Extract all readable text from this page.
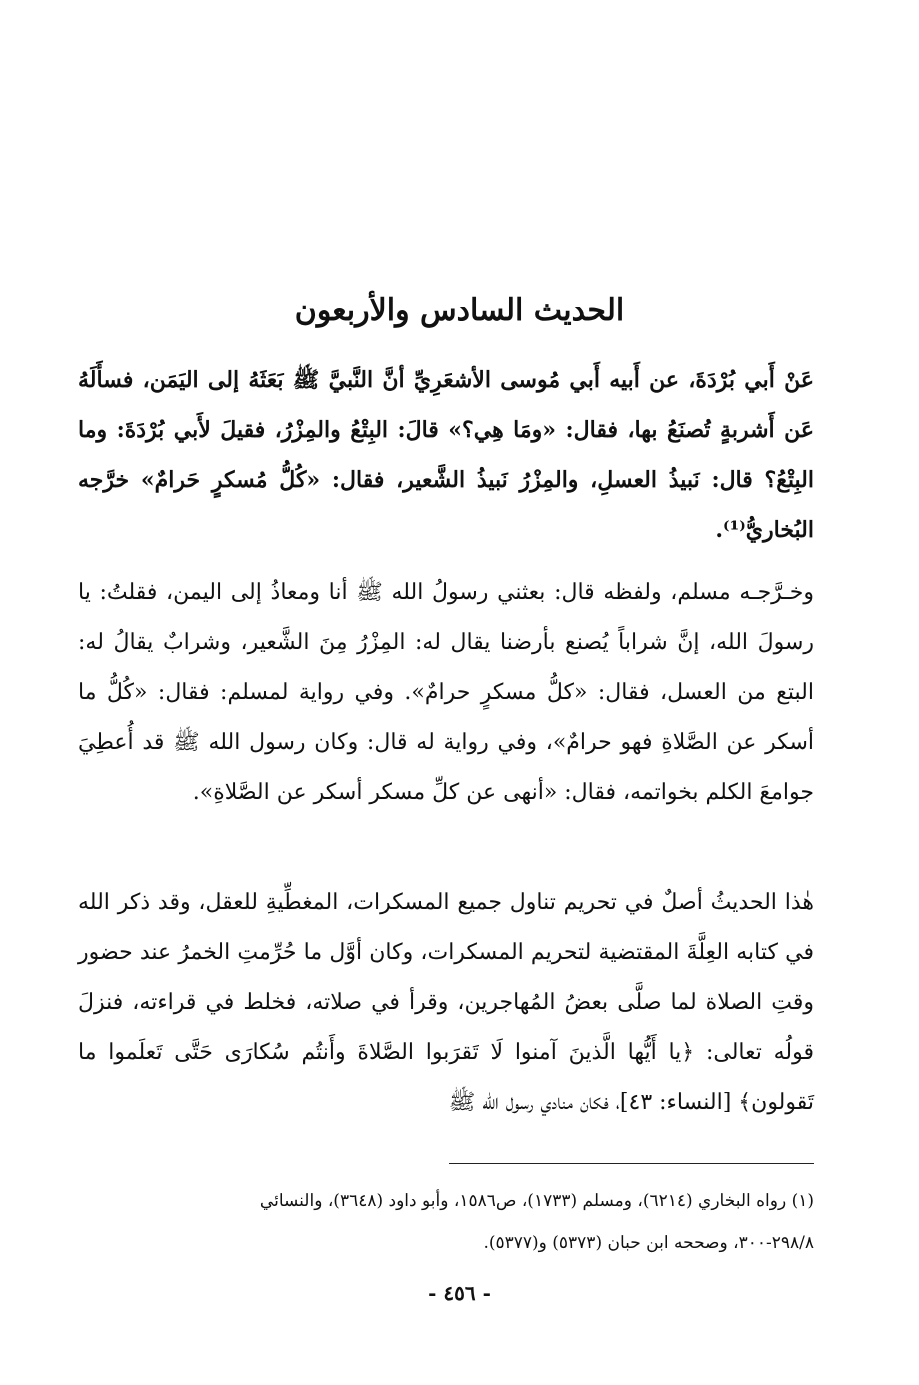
الحديث السادس والأربعون

عَنْ أَبي بُرْدَةَ، عن أَبيه أَبي مُوسى الأشعَرِيِّ أنَّ النَّبيَّ ﷺ بَعَثَهُ إلى اليَمَن، فسأَلَهُ عَن أَشربةٍ تُصنَعُ بها، فقال: «ومَا هِي؟» قالَ: البِتْعُ والمِزْرُ، فقيلَ لأَبي بُرْدَةَ: وما البِتْعُ؟ قال: نَبيذُ العسلِ، والمِزْرُ نَبيذُ الشَّعير، فقال: «كُلُّ مُسكرٍ حَرامٌ» خرَّجه البُخاريُّ⁽¹⁾.

وخـرَّجـه مسلم، ولفظه قال: بعثني رسولُ الله ﷺ أنا ومعاذُ إلى اليمن، فقلتُ: يا رسولَ الله، إنَّ شراباً يُصنع بأرضنا يقال له: المِزْرُ مِنَ الشَّعير، وشرابٌ يقالُ له: البتع من العسل، فقال: «كلُّ مسكرٍ حرامٌ». وفي رواية لمسلم: فقال: «كُلُّ ما أسكر عن الصَّلاةِ فهو حرامٌ»، وفي رواية له قال: وكان رسول الله ﷺ قد أُعطِيَ جوامعَ الكلم بخواتمه، فقال: «أنهى عن كلِّ مسكر أسكر عن الصَّلاةِ».

هٰذا الحديثُ أصلٌ في تحريم تناول جميع المسكرات، المغطِّيةِ للعقل، وقد ذكر الله في كتابه العِلَّةَ المقتضية لتحريم المسكرات، وكان أوَّل ما حُرِّمتِ الخمرُ عند حضور وقتِ الصلاة لما صلَّى بعضُ المُهاجرين، وقرأ في صلاته، فخلط في قراءته، فنزلَ قولُه تعالى: ﴿يا أَيُّها الَّذينَ آمنوا لَا تَقرَبوا الصَّلاةَ وأَنتُم سُكارَى حَتَّى تَعلَموا ما تَقولون﴾ [النساء: ٤٣]، فكان منادي رسول الله ﷺ

(١) رواه البخاري (٦٢١٤)، ومسلم (١٧٣٣)، ص١٥٨٦، وأبو داود (٣٦٤٨)، والنسائي
٢٩٨/٨-٣٠٠، وصححه ابن حبان (٥٣٧٣) و(٥٣٧٧).
- ٤٥٦ -
